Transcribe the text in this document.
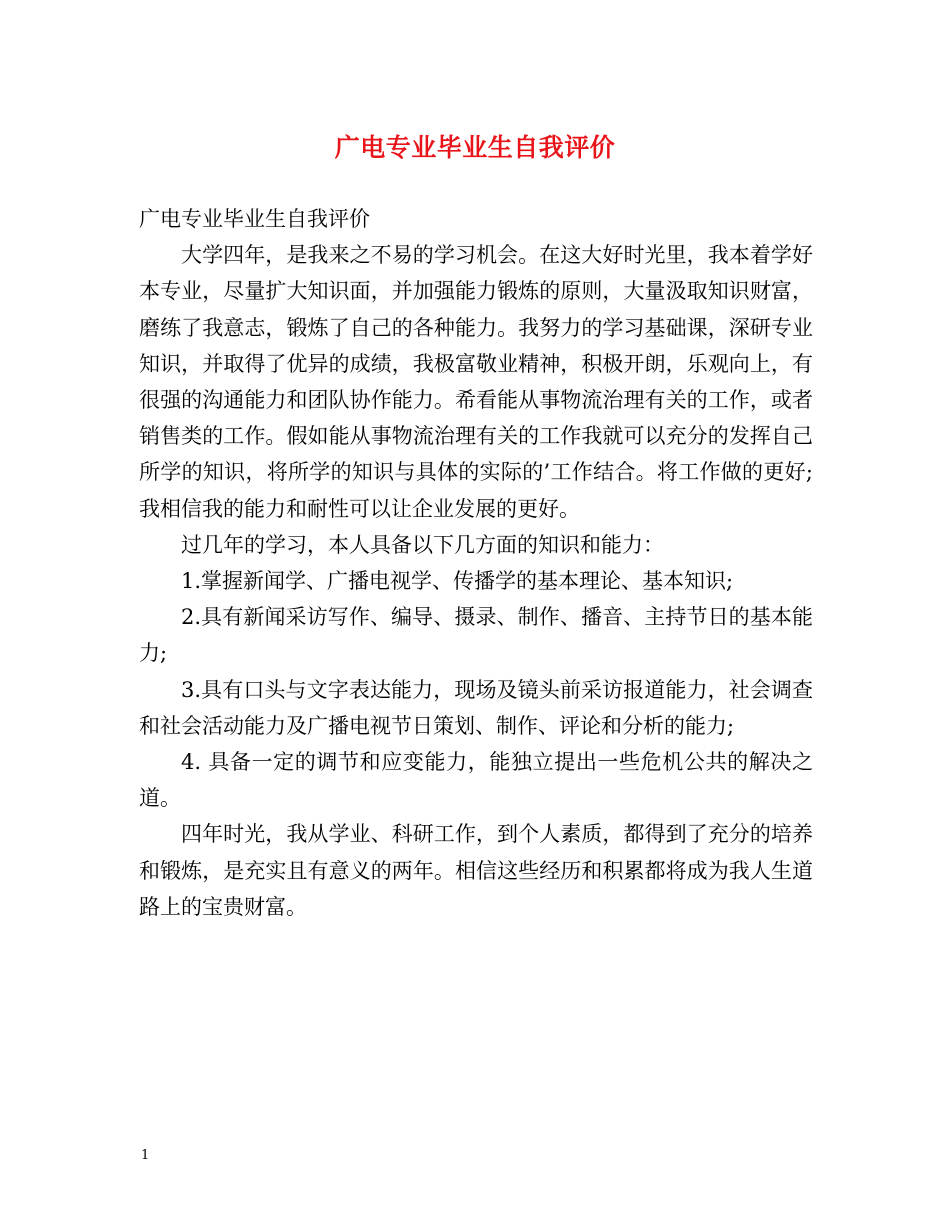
广电专业毕业生自我评价

广电专业毕业生自我评价

大学四年，是我来之不易的学习机会。在这大好时光里，我本着学好本专业，尽量扩大知识面，并加强能力锻炼的原则，大量汲取知识财富，磨练了我意志，锻炼了自己的各种能力。我努力的学习基础课，深研专业知识，并取得了优异的成绩，我极富敬业精神，积极开朗，乐观向上，有很强的沟通能力和团队协作能力。希看能从事物流治理有关的工作，或者销售类的工作。假如能从事物流治理有关的工作我就可以充分的发挥自己所学的知识，将所学的知识与具体的实际的’工作结合。将工作做的更好;我相信我的能力和耐性可以让企业发展的更好。

过几年的学习，本人具备以下几方面的知识和能力：

1.掌握新闻学、广播电视学、传播学的基本理论、基本知识;

2.具有新闻采访写作、编导、摄录、制作、播音、主持节日的基本能力;

3.具有口头与文字表达能力，现场及镜头前采访报道能力，社会调查和社会活动能力及广播电视节日策划、制作、评论和分析的能力;

4. 具备一定的调节和应变能力，能独立提出一些危机公共的解决之道。

四年时光，我从学业、科研工作，到个人素质，都得到了充分的培养和锻炼，是充实且有意义的两年。相信这些经历和积累都将成为我人生道路上的宝贵财富。

1
